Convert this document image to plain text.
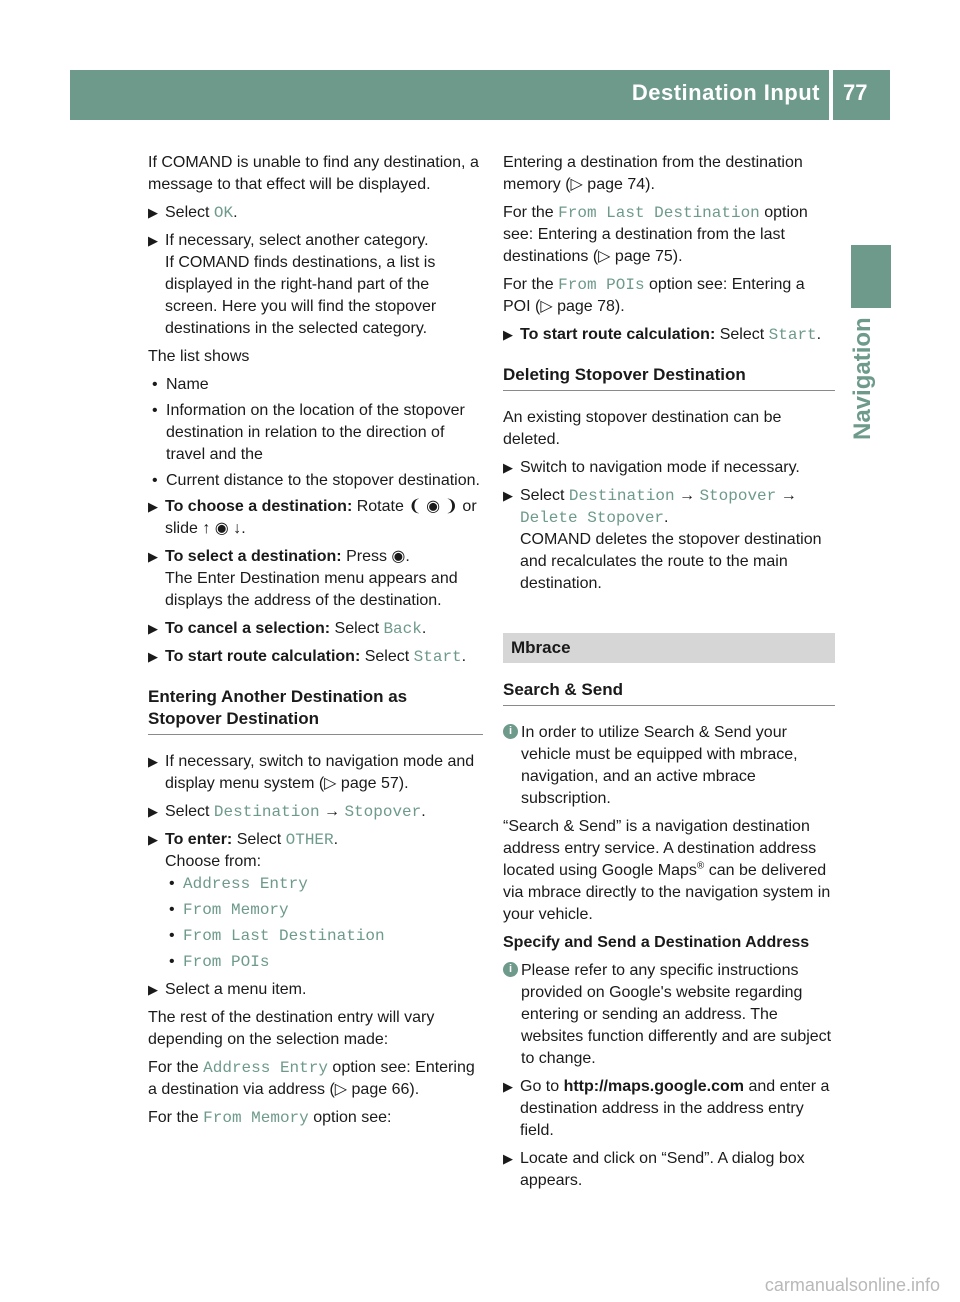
Destination Input 77
Navigation

If COMAND is unable to find any destination, a message to that effect will be displayed.

▶ Select OK.
▶ If necessary, select another category.
If COMAND finds destinations, a list is displayed in the right-hand part of the screen. Here you will find the stopover destinations in the selected category.

The list shows

• Name
• Information on the location of the stopover destination in relation to the direction of travel and the
• Current distance to the stopover destination.
▶ To choose a destination: Rotate ❨ ◉ ❩ or slide ↑ ◉ ↓.
▶ To select a destination: Press ◉.
The Enter Destination menu appears and displays the address of the destination.
▶ To cancel a selection: Select Back.
▶ To start route calculation: Select Start.
Entering Another Destination as Stopover Destination
▶ If necessary, switch to navigation mode and display menu system (▷ page 57).
▶ Select Destination → Stopover.
▶ To enter: Select OTHER.
Choose from:
• Address Entry
• From Memory
• From Last Destination
• From POIs
▶ Select a menu item.

The rest of the destination entry will vary depending on the selection made:

For the Address Entry option see: Entering a destination via address (▷ page 66).

For the From Memory option see:

Entering a destination from the destination memory (▷ page 74).

For the From Last Destination option see: Entering a destination from the last destinations (▷ page 75).

For the From POIs option see: Entering a POI (▷ page 78).

▶ To start route calculation: Select Start.
Deleting Stopover Destination

An existing stopover destination can be deleted.

▶ Switch to navigation mode if necessary.
▶ Select Destination → Stopover → Delete Stopover.
COMAND deletes the stopover destination and recalculates the route to the main destination.
Mbrace
Search & Send
i In order to utilize Search & Send your vehicle must be equipped with mbrace, navigation, and an active mbrace subscription.

“Search & Send” is a navigation destination address entry service. A destination address located using Google Maps® can be delivered via mbrace directly to the navigation system in your vehicle.

Specify and Send a Destination Address

i Please refer to any specific instructions provided on Google's website regarding entering or sending an address. The websites function differently and are subject to change.
▶ Go to http://maps.google.com and enter a destination address in the address entry field.
▶ Locate and click on “Send”. A dialog box appears.
carmanualsonline.info
